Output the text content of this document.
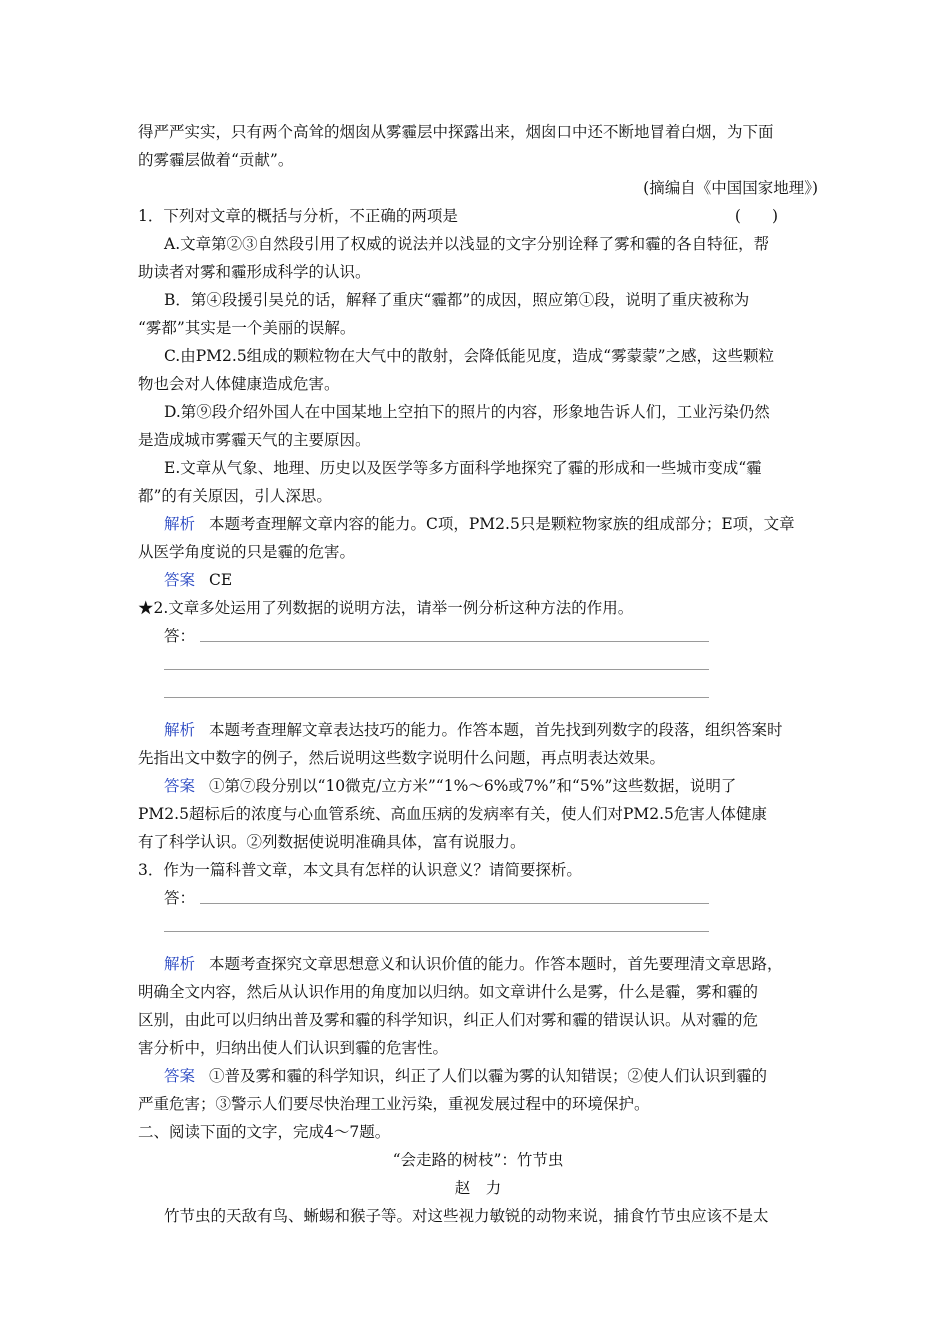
得严严实实，只有两个高耸的烟囱从雾霾层中探露出来，烟囱口中还不断地冒着白烟，为下面
的雾霾层做着“贡献”。
(摘编自《中国国家地理》)
1．下列对文章的概括与分析，不正确的两项是	(　　)
A.文章第②③自然段引用了权威的说法并以浅显的文字分别诠释了雾和霾的各自特征，帮
助读者对雾和霾形成科学的认识。
B．第④段援引吴兑的话，解释了重庆“霾都”的成因，照应第①段，说明了重庆被称为
“雾都”其实是一个美丽的误解。
C.由PM2.5组成的颗粒物在大气中的散射，会降低能见度，造成“雾蒙蒙”之感，这些颗粒
物也会对人体健康造成危害。
D.第⑨段介绍外国人在中国某地上空拍下的照片的内容，形象地告诉人们，工业污染仍然
是造成城市雾霾天气的主要原因。
E.文章从气象、地理、历史以及医学等多方面科学地探究了霾的形成和一些城市变成“霾
都”的有关原因，引人深思。
解析 本题考查理解文章内容的能力。C项，PM2.5只是颗粒物家族的组成部分；E项，文章
从医学角度说的只是霾的危害。
答案 CE
★2.文章多处运用了列数据的说明方法，请举一例分析这种方法的作用。
答：
解析 本题考查理解文章表达技巧的能力。作答本题，首先找到列数字的段落，组织答案时
先指出文中数字的例子，然后说明这些数字说明什么问题，再点明表达效果。
答案 ①第⑦段分别以“10微克/立方米”“1%～6%或7%”和“5%”这些数据，说明了
PM2.5超标后的浓度与心血管系统、高血压病的发病率有关，使人们对PM2.5危害人体健康
有了科学认识。②列数据使说明准确具体，富有说服力。
3．作为一篇科普文章，本文具有怎样的认识意义？请简要探析。
答：
解析 本题考查探究文章思想意义和认识价值的能力。作答本题时，首先要理清文章思路，
明确全文内容，然后从认识作用的角度加以归纳。如文章讲什么是雾，什么是霾，雾和霾的
区别，由此可以归纳出普及雾和霾的科学知识，纠正人们对雾和霾的错误认识。从对霾的危
害分析中，归纳出使人们认识到霾的危害性。
答案 ①普及雾和霾的科学知识，纠正了人们以霾为雾的认知错误；②使人们认识到霾的
严重危害；③警示人们要尽快治理工业污染，重视发展过程中的环境保护。
二、阅读下面的文字，完成4～7题。
“会走路的树枝”：竹节虫
赵　力
竹节虫的天敌有鸟、蜥蜴和猴子等。对这些视力敏锐的动物来说，捕食竹节虫应该不是太
